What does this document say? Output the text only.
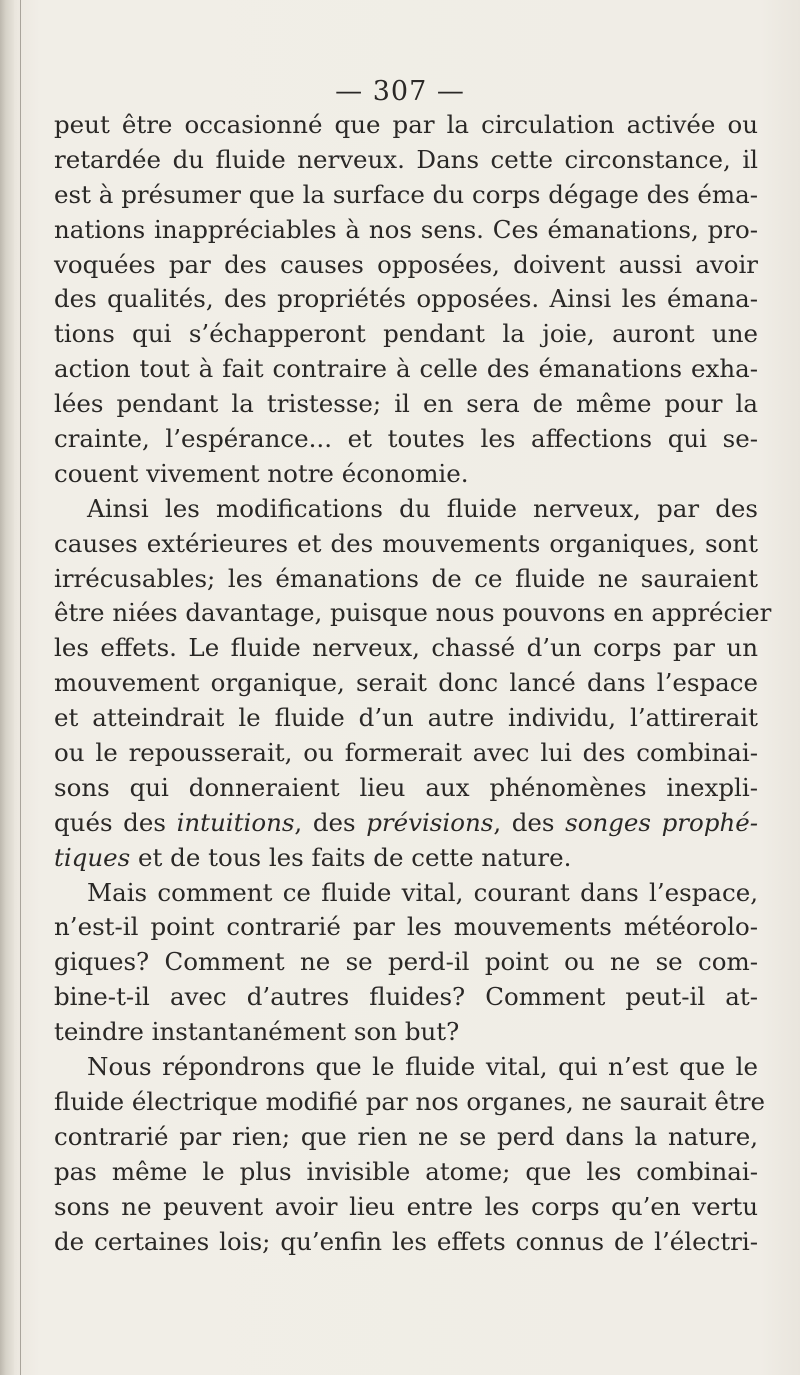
— 307 —
peut être occasionné que par la circulation activée ou
retardée du fluide nerveux. Dans cette circonstance, il
est à présumer que la surface du corps dégage des éma-
nations inappréciables à nos sens. Ces émanations, pro-
voquées par des causes opposées, doivent aussi avoir
des qualités, des propriétés opposées. Ainsi les émana-
tions qui s’échapperont pendant la joie, auront une
action tout à fait contraire à celle des émanations exha-
lées pendant la tristesse; il en sera de même pour la
crainte, l’espérance... et toutes les affections qui se-
couent vivement notre économie.
Ainsi les modifications du fluide nerveux, par des
causes extérieures et des mouvements organiques, sont
irrécusables; les émanations de ce fluide ne sauraient
être niées davantage, puisque nous pouvons en apprécier
les effets. Le fluide nerveux, chassé d’un corps par un
mouvement organique, serait donc lancé dans l’espace
et atteindrait le fluide d’un autre individu, l’attirerait
ou le repousserait, ou formerait avec lui des combinai-
sons qui donneraient lieu aux phénomènes inexpli-
qués des intuitions, des prévisions, des songes prophé-
tiques et de tous les faits de cette nature.
Mais comment ce fluide vital, courant dans l’espace,
n’est-il point contrarié par les mouvements météorolo-
giques? Comment ne se perd-il point ou ne se com-
bine-t-il avec d’autres fluides? Comment peut-il at-
teindre instantanément son but?
Nous répondrons que le fluide vital, qui n’est que le
fluide électrique modifié par nos organes, ne saurait être
contrarié par rien; que rien ne se perd dans la nature,
pas même le plus invisible atome; que les combinai-
sons ne peuvent avoir lieu entre les corps qu’en vertu
de certaines lois; qu’enfin les effets connus de l’électri-
